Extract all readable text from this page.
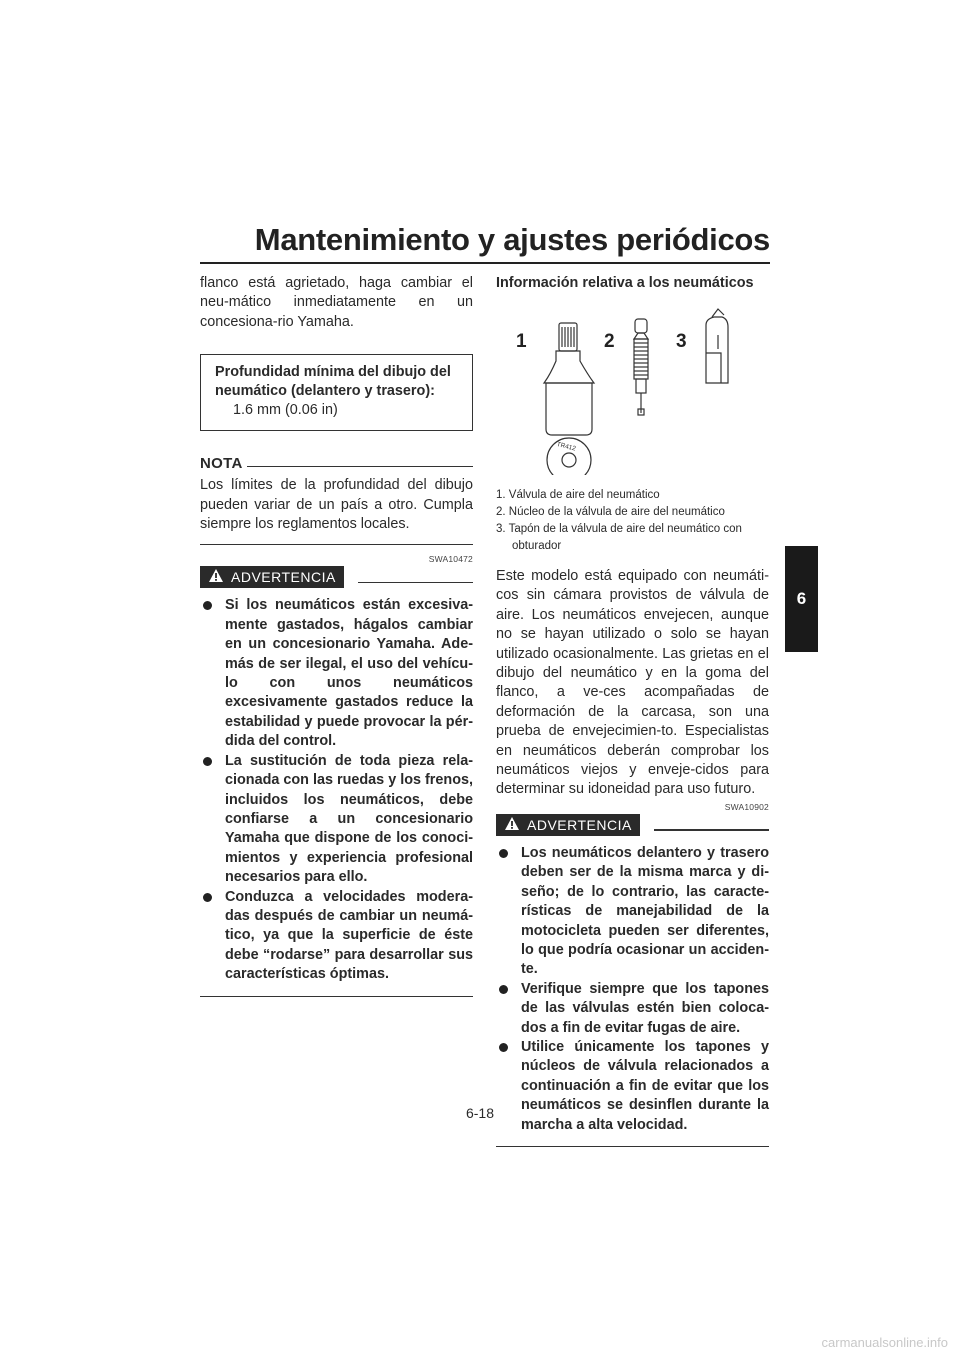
Mantenimiento y ajustes periódicos
6

flanco está agrietado, haga cambiar el neu-mático inmediatamente en un concesiona-rio Yamaha.

Profundidad mínima del dibujo del
neumático (delantero y trasero):
1.6 mm (0.06 in)
NOTA

Los límites de la profundidad del dibujo pueden variar de un país a otro. Cumpla siempre los reglamentos locales.

SWA10472
ADVERTENCIA
Si los neumáticos están excesiva-mente gastados, hágalos cambiar en un concesionario Yamaha. Ade-más de ser ilegal, el uso del vehícu-lo con unos neumáticos excesivamente gastados reduce la estabilidad y puede provocar la pér-dida del control.
La sustitución de toda pieza rela-cionada con las ruedas y los frenos, incluidos los neumáticos, debe confiarse a un concesionario Yamaha que dispone de los conoci-mientos y experiencia profesional necesarios para ello.
Conduzca a velocidades modera-das después de cambiar un neumá-tico, ya que la superficie de éste debe “rodarse” para desarrollar sus características óptimas.
Información relativa a los neumáticos
1	2	3
TR412
1. Válvula de aire del neumático
2. Núcleo de la válvula de aire del neumático
3. Tapón de la válvula de aire del neumático con obturador

Este modelo está equipado con neumáti-cos sin cámara provistos de válvula de aire. Los neumáticos envejecen, aunque no se hayan utilizado o solo se hayan utilizado ocasionalmente. Las grietas en el dibujo del neumático y en la goma del flanco, a ve-ces acompañadas de deformación de la carcasa, son una prueba de envejecimien-to. Especialistas en neumáticos deberán comprobar los neumáticos viejos y enveje-cidos para determinar su idoneidad para uso futuro.

SWA10902
ADVERTENCIA
Los neumáticos delantero y trasero deben ser de la misma marca y di-seño; de lo contrario, las caracte-rísticas de manejabilidad de la motocicleta pueden ser diferentes, lo que podría ocasionar un acciden-te.
Verifique siempre que los tapones de las válvulas estén bien coloca-dos a fin de evitar fugas de aire.
Utilice únicamente los tapones y núcleos de válvula relacionados a continuación a fin de evitar que los neumáticos se desinflen durante la marcha a alta velocidad.
6-18
carmanualsonline.info
